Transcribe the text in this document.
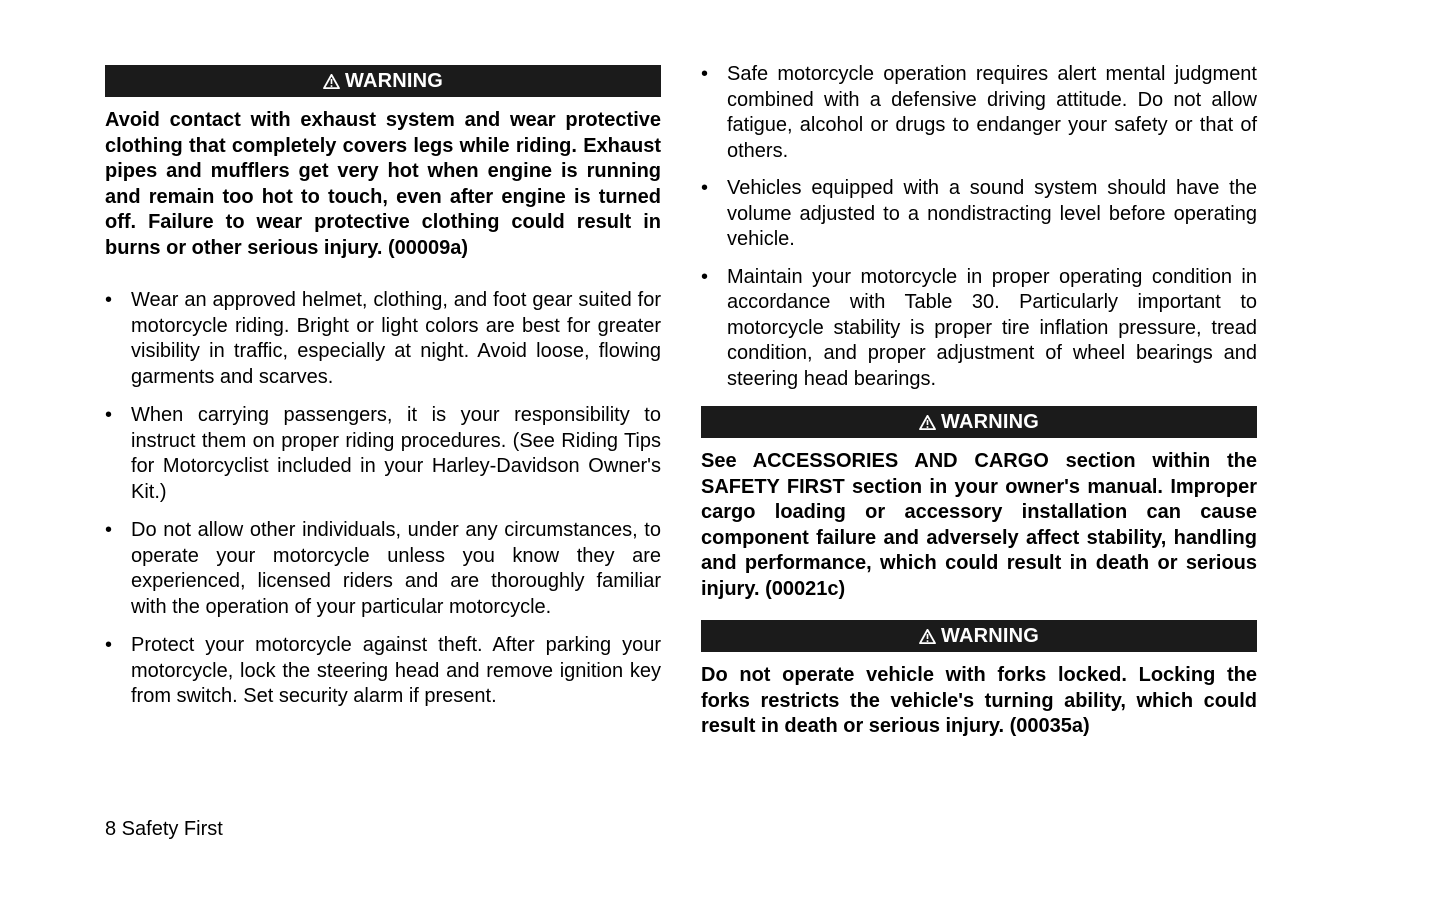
WARNING

Avoid contact with exhaust system and wear protective clothing that completely covers legs while riding. Exhaust pipes and mufflers get very hot when engine is running and remain too hot to touch, even after engine is turned off. Failure to wear protective clothing could result in burns or other serious injury. (00009a)

• Wear an approved helmet, clothing, and foot gear suited for motorcycle riding. Bright or light colors are best for greater visibility in traffic, especially at night. Avoid loose, flowing garments and scarves.
• When carrying passengers, it is your responsibility to instruct them on proper riding procedures. (See Riding Tips for Motorcyclist included in your Harley-Davidson Owner's Kit.)
• Do not allow other individuals, under any circumstances, to operate your motorcycle unless you know they are experienced, licensed riders and are thoroughly familiar with the operation of your particular motorcycle.
• Protect your motorcycle against theft. After parking your motorcycle, lock the steering head and remove ignition key from switch. Set security alarm if present.
• Safe motorcycle operation requires alert mental judgment combined with a defensive driving attitude. Do not allow fatigue, alcohol or drugs to endanger your safety or that of others.
• Vehicles equipped with a sound system should have the volume adjusted to a nondistracting level before operating vehicle.
• Maintain your motorcycle in proper operating condition in accordance with Table 30. Particularly important to motorcycle stability is proper tire inflation pressure, tread condition, and proper adjustment of wheel bearings and steering head bearings.
WARNING

See ACCESSORIES AND CARGO section within the SAFETY FIRST section in your owner's manual. Improper cargo loading or accessory installation can cause component failure and adversely affect stability, handling and performance, which could result in death or serious injury. (00021c)

WARNING

Do not operate vehicle with forks locked. Locking the forks restricts the vehicle's turning ability, which could result in death or serious injury. (00035a)

8 Safety First
